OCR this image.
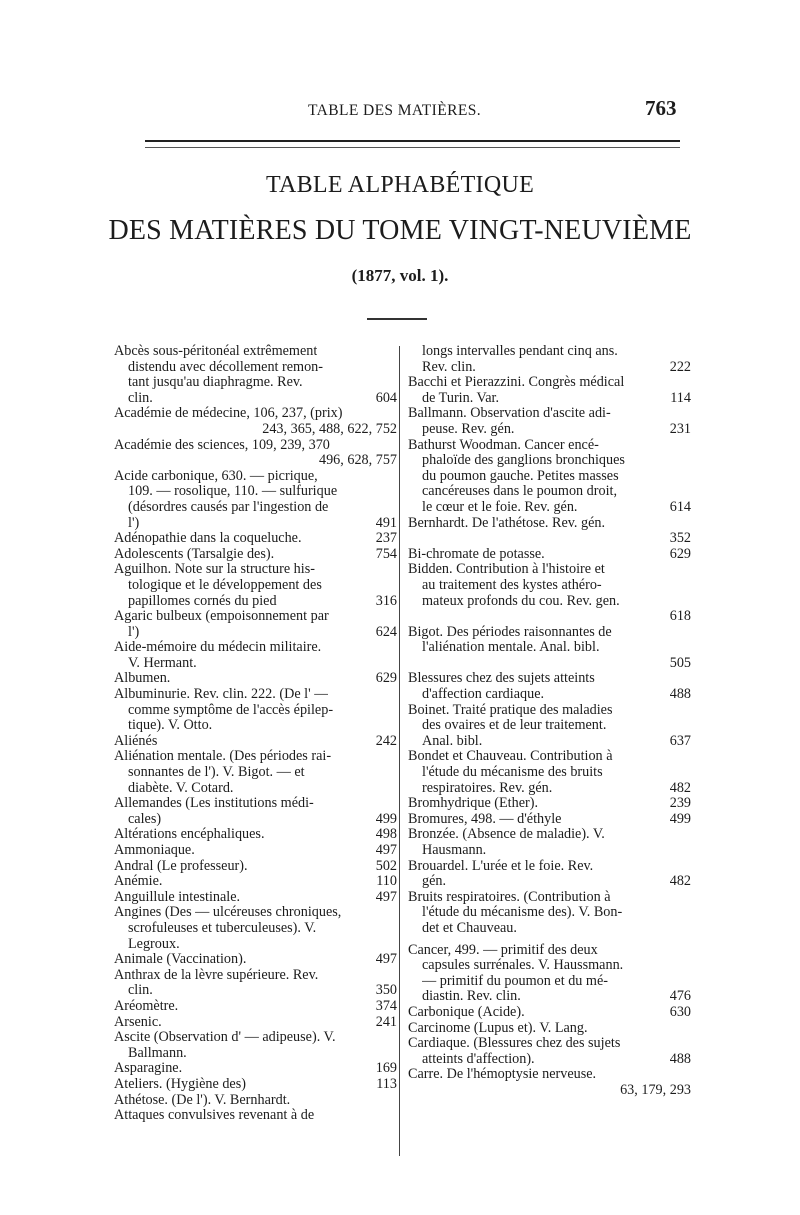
TABLE DES MATIÈRES.	763
TABLE ALPHABÉTIQUE
DES MATIÈRES DU TOME VINGT-NEUVIÈME
(1877, vol. 1).
Abcès sous-péritonéal extrêmement
distendu avec décollement remon-
tant jusqu'au diaphragme. Rev.
clin.	604
Académie de médecine, 106, 237, (prix)
243, 365, 488, 622, 752
Académie des sciences, 109, 239, 370
496, 628, 757
Acide carbonique, 630. — picrique,
109. — rosolique, 110. — sulfurique
(désordres causés par l'ingestion de
l')	491
Adénopathie dans la coqueluche.	237
Adolescents (Tarsalgie des).	754
Aguilhon. Note sur la structure his-
tologique et le développement des
papillomes cornés du pied	316
Agaric bulbeux (empoisonnement par
l')	624
Aide-mémoire du médecin militaire.
V. Hermant.
Albumen.	629
Albuminurie. Rev. clin. 222. (De l' —
comme symptôme de l'accès épilep-
tique). V. Otto.
Aliénés	242
Aliénation mentale. (Des périodes rai-
sonnantes de l'). V. Bigot. — et
diabète. V. Cotard.
Allemandes (Les institutions médi-
cales)	499
Altérations encéphaliques.	498
Ammoniaque.	497
Andral (Le professeur).	502
Anémie.	110
Anguillule intestinale.	497
Angines (Des — ulcéreuses chroniques,
scrofuleuses et tuberculeuses). V.
Legroux.
Animale (Vaccination).	497
Anthrax de la lèvre supérieure. Rev.
clin.	350
Aréomètre.	374
Arsenic.	241
Ascite (Observation d' — adipeuse). V.
Ballmann.
Asparagine.	169
Ateliers. (Hygiène des)	113
Athétose. (De l'). V. Bernhardt.
Attaques convulsives revenant à de
longs intervalles pendant cinq ans.
Rev. clin.	222
Bacchi et Pierazzini. Congrès médical
de Turin. Var.	114
Ballmann. Observation d'ascite adi-
peuse. Rev. gén.	231
Bathurst Woodman. Cancer encé-
phaloïde des ganglions bronchiques
du poumon gauche. Petites masses
cancéreuses dans le poumon droit,
le cœur et le foie. Rev. gén.	614
Bernhardt. De l'athétose. Rev. gén.
352
Bi-chromate de potasse.	629
Bidden. Contribution à l'histoire et
au traitement des kystes athéro-
mateux profonds du cou. Rev. gen.
618
Bigot. Des périodes raisonnantes de
l'aliénation mentale. Anal. bibl.
505
Blessures chez des sujets atteints
d'affection cardiaque.	488
Boinet. Traité pratique des maladies
des ovaires et de leur traitement.
Anal. bibl.	637
Bondet et Chauveau. Contribution à
l'étude du mécanisme des bruits
respiratoires. Rev. gén.	482
Bromhydrique (Ether).	239
Bromures, 498. — d'éthyle	499
Bronzée. (Absence de maladie). V.
Hausmann.
Brouardel. L'urée et le foie. Rev.
gén.	482
Bruits respiratoires. (Contribution à
l'étude du mécanisme des). V. Bon-
det et Chauveau.
Cancer, 499. — primitif des deux
capsules surrénales. V. Haussmann.
— primitif du poumon et du mé-
diastin. Rev. clin.	476
Carbonique (Acide).	630
Carcinome (Lupus et). V. Lang.
Cardiaque. (Blessures chez des sujets
atteints d'affection).	488
Carre. De l'hémoptysie nerveuse.
63, 179, 293
